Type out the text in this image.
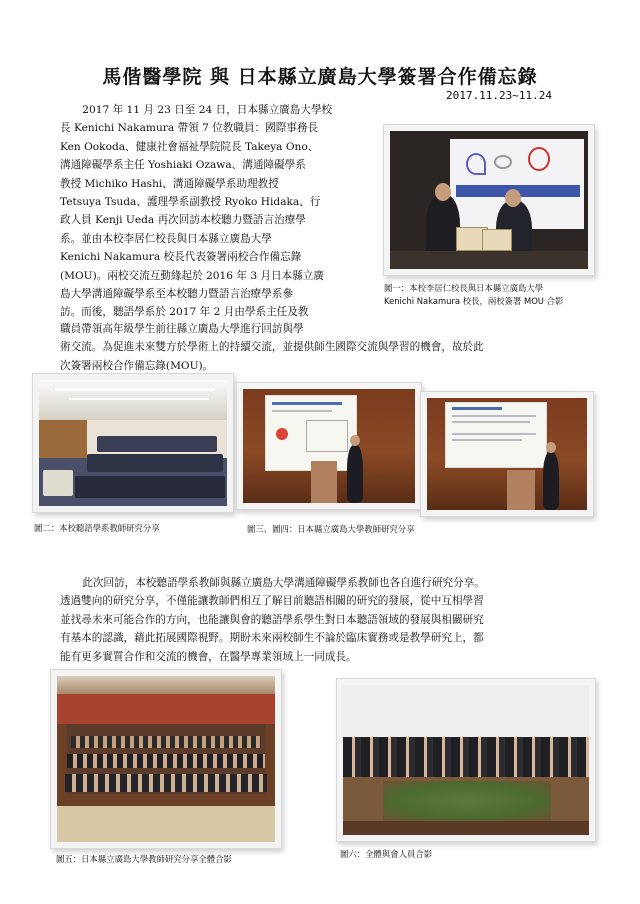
馬偕醫學院 與 日本縣立廣島大學簽署合作備忘錄
2017.11.23~11.24
2017 年 11 月 23 日至 24 日，日本縣立廣島大學校
長 Kenichi Nakamura 帶領 7 位教職員：國際事務長
Ken Ookoda、健康社會福祉學院院長 Takeya Ono、
溝通障礙學系主任 Yoshiaki Ozawa、溝通障礙學系
教授 Michiko Hashi、溝通障礙學系助理教授
Tetsuya Tsuda、護理學系副教授 Ryoko Hidaka、行
政人員 Kenji Ueda 再次回訪本校聽力暨語言治療學
系。並由本校李居仁校長與日本縣立廣島大學
Kenichi Nakamura 校長代表簽署兩校合作備忘錄
(MOU)。兩校交流互動緣起於 2016 年 3 月日本縣立廣
島大學溝通障礙學系至本校聽力暨語言治療學系參
訪。而後，聽語學系於 2017 年 2 月由學系主任及教
職員帶領高年級學生前往縣立廣島大學進行回訪與學
術交流。為促進未來雙方於學術上的持續交流，並提供師生國際交流與學習的機會，故於此
次簽署兩校合作備忘錄(MOU)。
圖一：本校李居仁校長與日本縣立廣島大學
Kenichi Nakamura 校長，兩校簽署 MOU 合影
圖二：本校聽語學系教師研究分享	圖三、圖四：日本縣立廣島大學教師研究分享
此次回訪，本校聽語學系教師與縣立廣島大學溝通障礙學系教師也各自進行研究分享。
透過雙向的研究分享，不僅能讓教師們相互了解目前聽語相關的研究的發展，從中互相學習
並找尋未來可能合作的方向，也能讓與會的聽語學系學生對日本聽語領域的發展與相關研究
有基本的認識，藉此拓展國際視野。期盼未來兩校師生不論於臨床實務或是教學研究上，都
能有更多實質合作和交流的機會，在醫學專業領域上一同成長。
圖五：日本縣立廣島大學教師研究分享全體合影	圖六：全體與會人員合影
